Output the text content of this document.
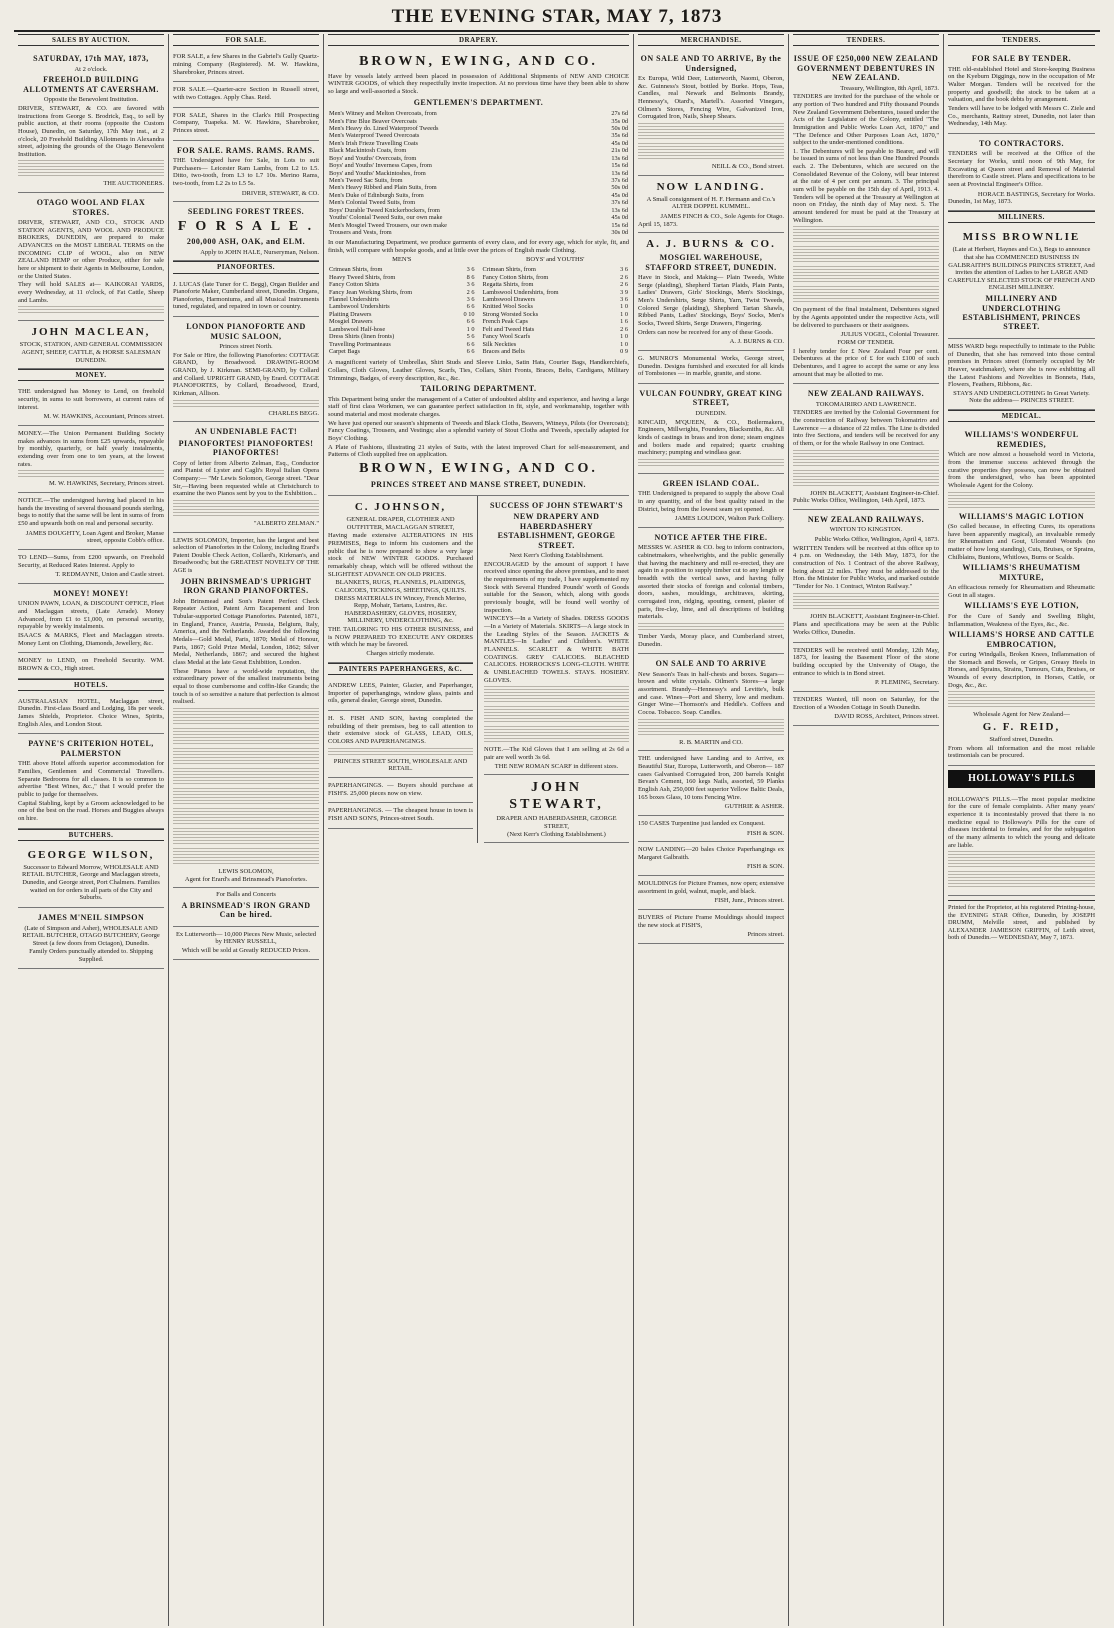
THE EVENING STAR, MAY 7, 1873
SALES BY AUCTION.
SATURDAY, 17th MAY, 1873,
At 2 o'clock.
FREEHOLD BUILDING ALLOTMENTS AT CAVERSHAM.
Opposite the Benevolent Institution.

DRIVER, STEWART, & CO. are favored with instructions from George S. Brodrick, Esq., to sell by public auction, at their rooms (opposite the Custom House), Dunedin, on Saturday, 17th May inst., at 2 o'clock, 20 Freehold Building Allotments in Alexandra street, adjoining the grounds of the Otago Benevolent Institution.

THE AUCTIONEERS.
OTAGO WOOL AND FLAX STORES.

DRIVER, STEWART, AND CO., STOCK AND STATION AGENTS, AND WOOL AND PRODUCE BROKERS, DUNEDIN, are prepared to make ADVANCES on the MOST LIBERAL TERMS on the INCOMING CLIP of WOOL, also on NEW ZEALAND HEMP or other Produce, either for sale here or shipment to their Agents in Melbourne, London, or the United States.

They will hold SALES at— KAIKORAI YARDS, every Wednesday, at 11 o'clock, of Fat Cattle, Sheep and Lambs.

JOHN MACLEAN,
STOCK, STATION, AND GENERAL COMMISSION AGENT, SHEEP, CATTLE, & HORSE SALESMAN
DUNEDIN.
MONEY.

THE undersigned has Money to Lend, on freehold security, in sums to suit borrowers, at current rates of interest.

M. W. HAWKINS, Accountant, Princes street.

MONEY.—The Union Permanent Building Society makes advances in sums from £25 upwards, repayable by monthly, quarterly, or half yearly instalments, extending over from one to ten years, at the lowest rates.

M. W. HAWKINS, Secretary, Princes street.

NOTICE.—The undersigned having had placed in his hands the investing of several thousand pounds sterling, begs to notify that the same will be lent in sums of from £50 and upwards both on real and personal security.

JAMES DOUGHTY, Loan Agent and Broker, Manse street, opposite Cobb's office.

TO LEND—Sums, from £200 upwards, on Freehold Security, at Reduced Rates Interest. Apply to

T. REDMAYNE, Union and Castle street.
MONEY! MONEY!

UNION PAWN, LOAN, & DISCOUNT OFFICE, Fleet and Maclaggan streets, (Late Arrade). Money Advanced, from £1 to £1,000, on personal security, repayable by weekly instalments.

ISAACS & MARKS, Fleet and Maclaggan streets. Money Lent on Clothing, Diamonds, Jewellery, &c.

MONEY to LEND, on Freehold Security. WM. BROWN & CO., High street.

HOTELS.

AUSTRALASIAN HOTEL, Maclaggan street, Dunedin. First-class Board and Lodging, 18s per week. James Shields, Proprietor. Choice Wines, Spirits, English Ales, and London Stout.

PAYNE'S CRITERION HOTEL, PALMERSTON

THE above Hotel affords superior accommodation for Families, Gentlemen and Commercial Travellers. Separate Bedrooms for all classes. It is so common to advertise "Best Wines, &c.," that I would prefer the public to judge for themselves.

Capital Stabling, kept by a Groom acknowledged to be one of the best on the road. Horses and Buggies always on hire.

BUTCHERS.
GEORGE WILSON,

Successor to Edward Morrow, WHOLESALE AND RETAIL BUTCHER, George and Maclaggan streets, Dunedin, and George street, Port Chalmers. Families waited on for orders in all parts of the City and Suburbs.

JAMES M'NEIL SIMPSON

(Late of Simpson and Asher), WHOLESALE AND RETAIL BUTCHER, OTAGO BUTCHERY, George Street (a few doors from Octagon), Dunedin.

Family Orders punctually attended to. Shipping Supplied.
FOR SALE.

FOR SALE, a few Shares in the Gabriel's Gully Quartz-mining Company (Registered). M. W. Hawkins, Sharebroker, Princes street.

FOR SALE.—Quarter-acre Section in Russell street, with two Cottages. Apply Chas. Reid.

FOR SALE, Shares in the Clark's Hill Prospecting Company, Tuapeka. M. W. Hawkins, Sharebroker, Princes street.

FOR SALE. RAMS. RAMS. RAMS.

THE Undersigned have for Sale, in Lots to suit Purchasers— Leicester Ram Lambs, from L2 to L5. Ditto, two-tooth, from L3 to L7 10s. Merino Rams, two-tooth, from L2 2s to L5 5s.

DRIVER, STEWART, & CO.
SEEDLING FOREST TREES.
F O R S A L E .
200,000 ASH, OAK, and ELM.
Apply to JOHN HALE, Nurseryman, Nelson.
PIANOFORTES.

J. LUCAS (late Tuner for C. Begg), Organ Builder and Pianoforte Maker, Cumberland street, Dunedin. Organs, Pianofortes, Harmoniums, and all Musical Instruments tuned, regulated, and repaired in town or country.

LONDON PIANOFORTE AND MUSIC SALOON,
Princes street North.

For Sale or Hire, the following Pianofortes: COTTAGE GRAND, by Broadwood. DRAWING-ROOM GRAND, by J. Kirkman. SEMI-GRAND, by Collard and Collard. UPRIGHT GRAND, by Erard. COTTAGE PIANOFORTES, by Collard, Broadwood, Erard, Kirkman, Allison.

CHARLES BEGG.
AN UNDENIABLE FACT!
PIANOFORTES! PIANOFORTES! PIANOFORTES!

Copy of letter from Alberto Zelman, Esq., Conductor and Pianist of Lyster and Cagli's Royal Italian Opera Company:— "Mr Lewis Solomon, George street. "Dear Sir,—Having been requested while at Christchurch to examine the two Pianos sent by you to the Exhibition...

"ALBERTO ZELMAN."

LEWIS SOLOMON, Importer, has the largest and best selection of Pianofortes in the Colony, including Erard's Patent Double Check Action, Collard's, Kirkman's, and Broadwood's; but the GREATEST NOVELTY OF THE AGE is

JOHN BRINSMEAD'S UPRIGHT IRON GRAND PIANOFORTES.

John Brinsmead and Son's Patent Perfect Check Repeater Action, Patent Arm Escapement and Iron Tubular-supported Cottage Pianofortes. Patented, 1871, in England, France, Austria, Prussia, Belgium, Italy, America, and the Netherlands. Awarded the following Medals—Gold Medal, Paris, 1870; Medal of Honour, Paris, 1867; Gold Prize Medal, London, 1862; Silver Medal, Netherlands, 1867; and secured the highest class Medal at the late Great Exhibition, London.

These Pianos have a world-wide reputation, the extraordinary power of the smallest instruments being equal to those cumbersome and coffin-like Grands; the touch is of so sensitive a nature that perfection is almost realised.

LEWIS SOLOMON,
Agent for Erard's and Brinsmead's Pianofortes.
For Balls and Concerts
A BRINSMEAD'S IRON GRAND Can be hired.

Ex Lutterworth— 10,000 Pieces New Music, selected by HENRY RUSSELL,

Which will be sold at Greatly REDUCED Prices.
DRAPERY.
BROWN, EWING, AND CO.

Have by vessels lately arrived been placed in possession of Additional Shipments of NEW AND CHOICE WINTER GOODS, of which they respectfully invite inspection. At no previous time have they been able to show so large and well-assorted a Stock.

GENTLEMEN'S DEPARTMENT.
Men's Witney and Melton Overcoats, from	27s 6d
Men's Fine Blue Beaver Overcoats	35s 0d
Men's Heavy do. Lined Waterproof Tweeds	50s 0d
Men's Waterproof Tweed Overcoats	35s 6d
Men's Irish Frieze Travelling Coats	45s 0d
Black Mackintosh Coats, from	21s 0d
Boys' and Youths' Overcoats, from	13s 6d
Boys' and Youths' Inverness Capes, from	15s 6d
Boys' and Youths' Mackintoshes, from	13s 6d
Men's Tweed Sac Suits, from	37s 6d
Men's Heavy Ribbed and Plain Suits, from	50s 0d
Men's Duke of Edinburgh Suits, from	45s 0d
Men's Colonial Tweed Suits, from	37s 6d
Boys' Durable Tweed Knickerbockers, from	13s 6d
Youths' Colonial Tweed Suits, our own make	45s 0d
Men's Mosgiel Tweed Trousers, our own make	15s 6d
Trousers and Vests, from	30s 0d

In our Manufacturing Department, we produce garments of every class, and for every age, which for style, fit, and finish, will compare with bespoke goods, and at little over the prices of English made Clothing.

MEN'S
Crimean Shirts, from	3 6
Heavy Tweed Shirts, from	8 6
Fancy Cotton Shirts	3 6
Fancy Jean Working Shirts, from	2 6
Flannel Undershirts	3 6
Lambswool Undershirts	6 6
Plaiting Drawers	0 10
Mosgiel Drawers	6 6
Lambswool Half-hose	1 0
Dress Shirts (linen fronts)	5 6
Travelling Portmanteaus	6 6
Carpet Bags	6 6
BOYS' and YOUTHS'
Crimean Shirts, from	3 6
Fancy Cotton Shirts, from	2 6
Regatta Shirts, from	2 6
Lambswool Undershirts, from	3 9
Lambswool Drawers	3 6
Knitted Wool Socks	1 0
Strong Worsted Socks	1 0
French Peak Caps	1 6
Felt and Tweed Hats	2 6
Fancy Wool Scarfs	1 0
Silk Neckties	1 0
Braces and Belts	0 9

A magnificent variety of Umbrellas, Shirt Studs and Sleeve Links, Satin Hats, Courier Bags, Handkerchiefs, Collars, Cloth Gloves, Leather Gloves, Scarfs, Ties, Collars, Shirt Fronts, Braces, Belts, Cardigans, Military Trimmings, Badges, of every description, &c., &c.

TAILORING DEPARTMENT.

This Department being under the management of a Cutter of undoubted ability and experience, and having a large staff of first class Workmen, we can guarantee perfect satisfaction in fit, style, and workmanship, together with sound material and most moderate charges.

We have just opened our season's shipments of Tweeds and Black Cloths, Beavers, Witneys, Pilots (for Overcoats); Fancy Coatings, Trousers, and Vestings; also a splendid variety of Stout Cloths and Tweeds, specially adapted for Boys' Clothing.

A Plate of Fashions, illustrating 21 styles of Suits, with the latest improved Chart for self-measurement, and Patterns of Cloth supplied free on application.

BROWN, EWING, AND CO.
PRINCES STREET AND MANSE STREET, DUNEDIN.
C. JOHNSON,
GENERAL DRAPER, CLOTHIER AND OUTFITTER, MACLAGGAN STREET,

Having made extensive ALTERATIONS IN HIS PREMISES, Begs to inform his customers and the public that he is now prepared to show a very large stock of NEW WINTER GOODS. Purchased remarkably cheap, which will be offered without the SLIGHTEST ADVANCE ON OLD PRICES.

BLANKETS, RUGS, FLANNELS, PLAIDINGS, CALICOES, TICKINGS, SHEETINGS, QUILTS. DRESS MATERIALS IN Wincey, French Merino, Repp, Mohair, Tartans, Lustres, &c. HABERDASHERY, GLOVES, HOSIERY, MILLINERY, UNDERCLOTHING, &c.

THE TAILORING TO HIS OTHER BUSINESS, and is NOW PREPARED TO EXECUTE ANY ORDERS with which he may be favored.

Charges strictly moderate.
PAINTERS PAPERHANGERS, &C.

ANDREW LEES, Painter, Glazier, and Paperhanger, Importer of paperhangings, window glass, paints and oils, general dealer, George street, Dunedin.

H. S. FISH AND SON, having completed the rebuilding of their premises, beg to call attention to their extensive stock of GLASS, LEAD, OILS, COLORS AND PAPERHANGINGS.

PRINCES STREET SOUTH, WHOLESALE AND RETAIL.

PAPERHANGINGS. — Buyers should purchase at FISH'S. 25,000 pieces now on view.

PAPERHANGINGS. — The cheapest house in town is FISH AND SON'S, Princes-street South.

SUCCESS OF JOHN STEWART'S
NEW DRAPERY AND HABERDASHERY ESTABLISHMENT, GEORGE STREET.
Next Kerr's Clothing Establishment.

ENCOURAGED by the amount of support I have received since opening the above premises, and to meet the requirements of my trade, I have supplemented my Stock with Several Hundred Pounds' worth of Goods suitable for the Season, which, along with goods previously bought, will be found well worthy of inspection.

WINCEYS—In a Variety of Shades. DRESS GOODS—In a Variety of Materials. SKIRTS—A large stock in the Leading Styles of the Season. JACKETS & MANTLES—In Ladies' and Children's. WHITE FLANNELS. SCARLET & WHITE BATH COATINGS. GREY CALICOES. BLEACHED CALICOES. HORROCKS'S LONG-CLOTH. WHITE & UNBLEACHED TOWELS. STAYS. HOSIERY. GLOVES.

NOTE.—The Kid Gloves that I am selling at 2s 6d a pair are well worth 3s 6d.

THE NEW ROMAN SCARF in different sizes.
JOHN STEWART,
DRAPER AND HABERDASHER, GEORGE STREET,
(Next Kerr's Clothing Establishment.)
MERCHANDISE.
ON SALE AND TO ARRIVE, By the Undersigned,

Ex Europa, Wild Deer, Lutterworth, Naomi, Oberon, &c. Guinness's Stout, bottled by Burke. Hops, Teas, Candles, real Newark and Belmonts Brandy, Hennessy's, Otard's, Martell's. Assorted Vinegars, Oilmen's Stores, Fencing Wire, Galvanized Iron, Corrugated Iron, Nails, Sheep Shears.

NEILL & CO., Bond street.
NOW LANDING.

A Small consignment of H. F. Hermann and Co.'s ALTER DOPPEL KUMMEL.

JAMES FINCH & CO., Sole Agents for Otago.
April 15, 1873.
A. J. BURNS & CO.
MOSGIEL WAREHOUSE, STAFFORD STREET, DUNEDIN.

Have in Stock, and Making— Plain Tweeds, White Serge (plaiding), Shepherd Tartan Plaids, Plain Pants, Ladies' Drawers, Girls' Stockings, Men's Stockings, Men's Undershirts, Serge Shirts, Yarn, Twist Tweeds, Colored Serge (plaiding), Shepherd Tartan Shawls, Ribbed Pants, Ladies' Stockings, Boys' Socks, Men's Socks, Tweed Shirts, Serge Drawers, Fingering.

Orders can now be received for any of these Goods.

A. J. BURNS & CO.

G. MUNRO'S Monumental Works, George street, Dunedin. Designs furnished and executed for all kinds of Tombstones — in marble, granite, and stone.

VULCAN FOUNDRY, GREAT KING STREET,
DUNEDIN.

KINCAID, M'QUEEN, & CO., Boilermakers, Engineers, Millwrights, Founders, Blacksmiths, &c. All kinds of castings in brass and iron done; steam engines and boilers made and repaired; quartz crushing machinery; pumping and windlass gear.

GREEN ISLAND COAL.

THE Undersigned is prepared to supply the above Coal in any quantity, and of the best quality raised in the District, being from the lowest seam yet opened.

JAMES LOUDON, Walton Park Colliery.
NOTICE AFTER THE FIRE.

MESSRS W. ASHER & CO. beg to inform contractors, cabinetmakers, wheelwrights, and the public generally that having the machinery and mill re-erected, they are again in a position to supply timber cut to any length or breadth with the vertical saws, and having fully assorted their stocks of foreign and colonial timbers, doors, sashes, mouldings, architraves, skirting, corrugated iron, ridging, spouting, cement, plaster of paris, fire-clay, lime, and all descriptions of building materials.

Timber Yards, Moray place, and Cumberland street, Dunedin.

ON SALE AND TO ARRIVE

New Season's Teas in half-chests and boxes. Sugars—brown and white crystals. Oilmen's Stores—a large assortment. Brandy—Hennessy's and Levitte's, bulk and case. Wines—Port and Sherry, low and medium. Ginger Wine—Thomson's and Heddle's. Coffees and Cocoa. Tobacco. Soap. Candles.

R. B. MARTIN and CO.

THE undersigned have Landing and to Arrive, ex Beautiful Star, Europa, Lutterworth, and Oberon— 187 cases Galvanised Corrugated Iron, 200 barrels Knight Bevan's Cement, 160 kegs Nails, assorted, 59 Planks English Ash, 250,000 feet superior Yellow Baltic Deals, 165 boxes Glass, 10 tons Fencing Wire.

GUTHRIE & ASHER.

150 CASES Turpentine just landed ex Conquest.

FISH & SON.

NOW LANDING—20 bales Choice Paperhangings ex Margaret Galbraith.

FISH & SON.

MOULDINGS for Picture Frames, now open; extensive assortment in gold, walnut, maple, and black.

FISH, Junr., Princes street.

BUYERS of Picture Frame Mouldings should inspect the new stock at FISH'S,

Princes street.
TENDERS.
ISSUE OF £250,000 NEW ZEALAND GOVERNMENT DEBENTURES IN NEW ZEALAND.
Treasury, Wellington, 8th April, 1873.

TENDERS are invited for the purchase of the whole or any portion of Two hundred and Fifty thousand Pounds New Zealand Government Debentures, issued under the Acts of the Legislature of the Colony, entitled "The Immigration and Public Works Loan Act, 1870," and "The Defence and Other Purposes Loan Act, 1870," subject to the under-mentioned conditions.

1. The Debentures will be payable to Bearer, and will be issued in sums of not less than One Hundred Pounds each. 2. The Debentures, which are secured on the Consolidated Revenue of the Colony, will bear interest at the rate of 4 per cent per annum. 3. The principal sum will be payable on the 15th day of April, 1913. 4. Tenders will be opened at the Treasury at Wellington at noon on Friday, the ninth day of May next. 5. The amount tendered for must be paid at the Treasury at Wellington.

On payment of the final instalment, Debentures signed by the Agents appointed under the respective Acts, will be delivered to purchasers or their assignees.

JULIUS VOGEL, Colonial Treasurer.
FORM OF TENDER.

I hereby tender for £ New Zealand Four per cent. Debentures at the price of £ for each £100 of such Debentures, and I agree to accept the same or any less amount that may be allotted to me.

NEW ZEALAND RAILWAYS.
TOKOMAIRIRO AND LAWRENCE.

TENDERS are invited by the Colonial Government for the construction of Railway between Tokomairiro and Lawrence — a distance of 22 miles. The Line is divided into five Sections, and tenders will be received for any of them, or for the whole Railway in one Contract.

JOHN BLACKETT, Assistant Engineer-in-Chief.
Public Works Office, Wellington, 14th April, 1873.
NEW ZEALAND RAILWAYS.
WINTON TO KINGSTON.
Public Works Office, Wellington, April 4, 1873.

WRITTEN Tenders will be received at this office up to 4 p.m. on Wednesday, the 14th May, 1873, for the construction of No. 1 Contract of the above Railway, being about 22 miles. They must be addressed to the Hon. the Minister for Public Works, and marked outside "Tender for No. 1 Contract, Winton Railway."

JOHN BLACKETT, Assistant Engineer-in-Chief.

Plans and specifications may be seen at the Public Works Office, Dunedin.

TENDERS will be received until Monday, 12th May, 1873, for leasing the Basement Floor of the stone building occupied by the University of Otago, the entrance to which is in Bond street.

P. FLEMING, Secretary.

TENDERS Wanted, till noon on Saturday, for the Erection of a Wooden Cottage in South Dunedin.

DAVID ROSS, Architect, Princes street.
TENDERS.
FOR SALE BY TENDER.

THE old-established Hotel and Store-keeping Business on the Kyeburn Diggings, now in the occupation of Mr Walter Morgan. Tenders will be received for the property and goodwill; the stock to be taken at a valuation, and the book debts by arrangement.

Tenders will have to be lodged with Messrs C. Ziele and Co., merchants, Rattray street, Dunedin, not later than Wednesday, 14th May.

TO CONTRACTORS.

TENDERS will be received at the Office of the Secretary for Works, until noon of 9th May, for Excavating at Queen street and Removal of Material therefrom to Castle street. Plans and specifications to be seen at Provincial Engineer's Office.

HORACE BASTINGS, Secretary for Works.
Dunedin, 1st May, 1873.
MILLINERS.
MISS BROWNLIE

(Late at Herbert, Haynes and Co.), Begs to announce that she has COMMENCED BUSINESS IN GALBRAITH'S BUILDINGS PRINCES STREET, And invites the attention of Ladies to her LARGE AND CAREFULLY SELECTED STOCK OF FRENCH AND ENGLISH MILLINERY.

MILLINERY AND UNDERCLOTHING ESTABLISHMENT, PRINCES STREET.

MISS WARD begs respectfully to intimate to the Public of Dunedin, that she has removed into those central premises in Princes street (formerly occupied by Mr Heaver, watchmaker), where she is now exhibiting all the Latest Fashions and Novelties in Bonnets, Hats, Flowers, Feathers, Ribbons, &c.

STAYS AND UNDERCLOTHING In Great Variety.
Note the address— PRINCES STREET.
MEDICAL.
WILLIAMS'S WONDERFUL REMEDIES,

Which are now almost a household word in Victoria, from the immense success achieved through the curative properties they possess, can now be obtained from the undersigned, who has been appointed Wholesale Agent for the Colony.

WILLIAMS'S MAGIC LOTION

(So called because, in effecting Cures, its operations have been apparently magical), an invaluable remedy for Rheumatism and Gout, Ulcerated Wounds (no matter of how long standing), Cuts, Bruises, or Sprains, Chilblains, Bunions, Whitlows, Burns or Scalds.

WILLIAMS'S RHEUMATISM MIXTURE,

An efficacious remedy for Rheumatism and Rheumatic Gout in all stages.

WILLIAMS'S EYE LOTION,

For the Cure of Sandy and Swelling Blight, Inflammation, Weakness of the Eyes, &c., &c.

WILLIAMS'S HORSE AND CATTLE EMBROCATION,

For curing Windgalls, Broken Knees, Inflammation of the Stomach and Bowels, or Gripes, Greasy Heels in Horses, and Sprains, Strains, Tumours, Cuts, Bruises, or Wounds of every description, in Horses, Cattle, or Dogs, &c., &c.

Wholesale Agent for New Zealand—
G. F. REID,
Stafford street, Dunedin.

From whom all information and the most reliable testimonials can be procured.

HOLLOWAY'S PILLS

HOLLOWAY'S PILLS.—The most popular medicine for the cure of female complaints. After many years' experience it is incontestably proved that there is no medicine equal to Holloway's Pills for the cure of diseases incidental to females, and for the subjugation of the many ailments to which the young and delicate are liable.

Printed for the Proprietor, at his registered Printing-house, the EVENING STAR Office, Dunedin, by JOSEPH DRUMM, Melville street, and published by ALEXANDER JAMIESON GRIFFIN, of Leith street, both of Dunedin.— WEDNESDAY, May 7, 1873.
